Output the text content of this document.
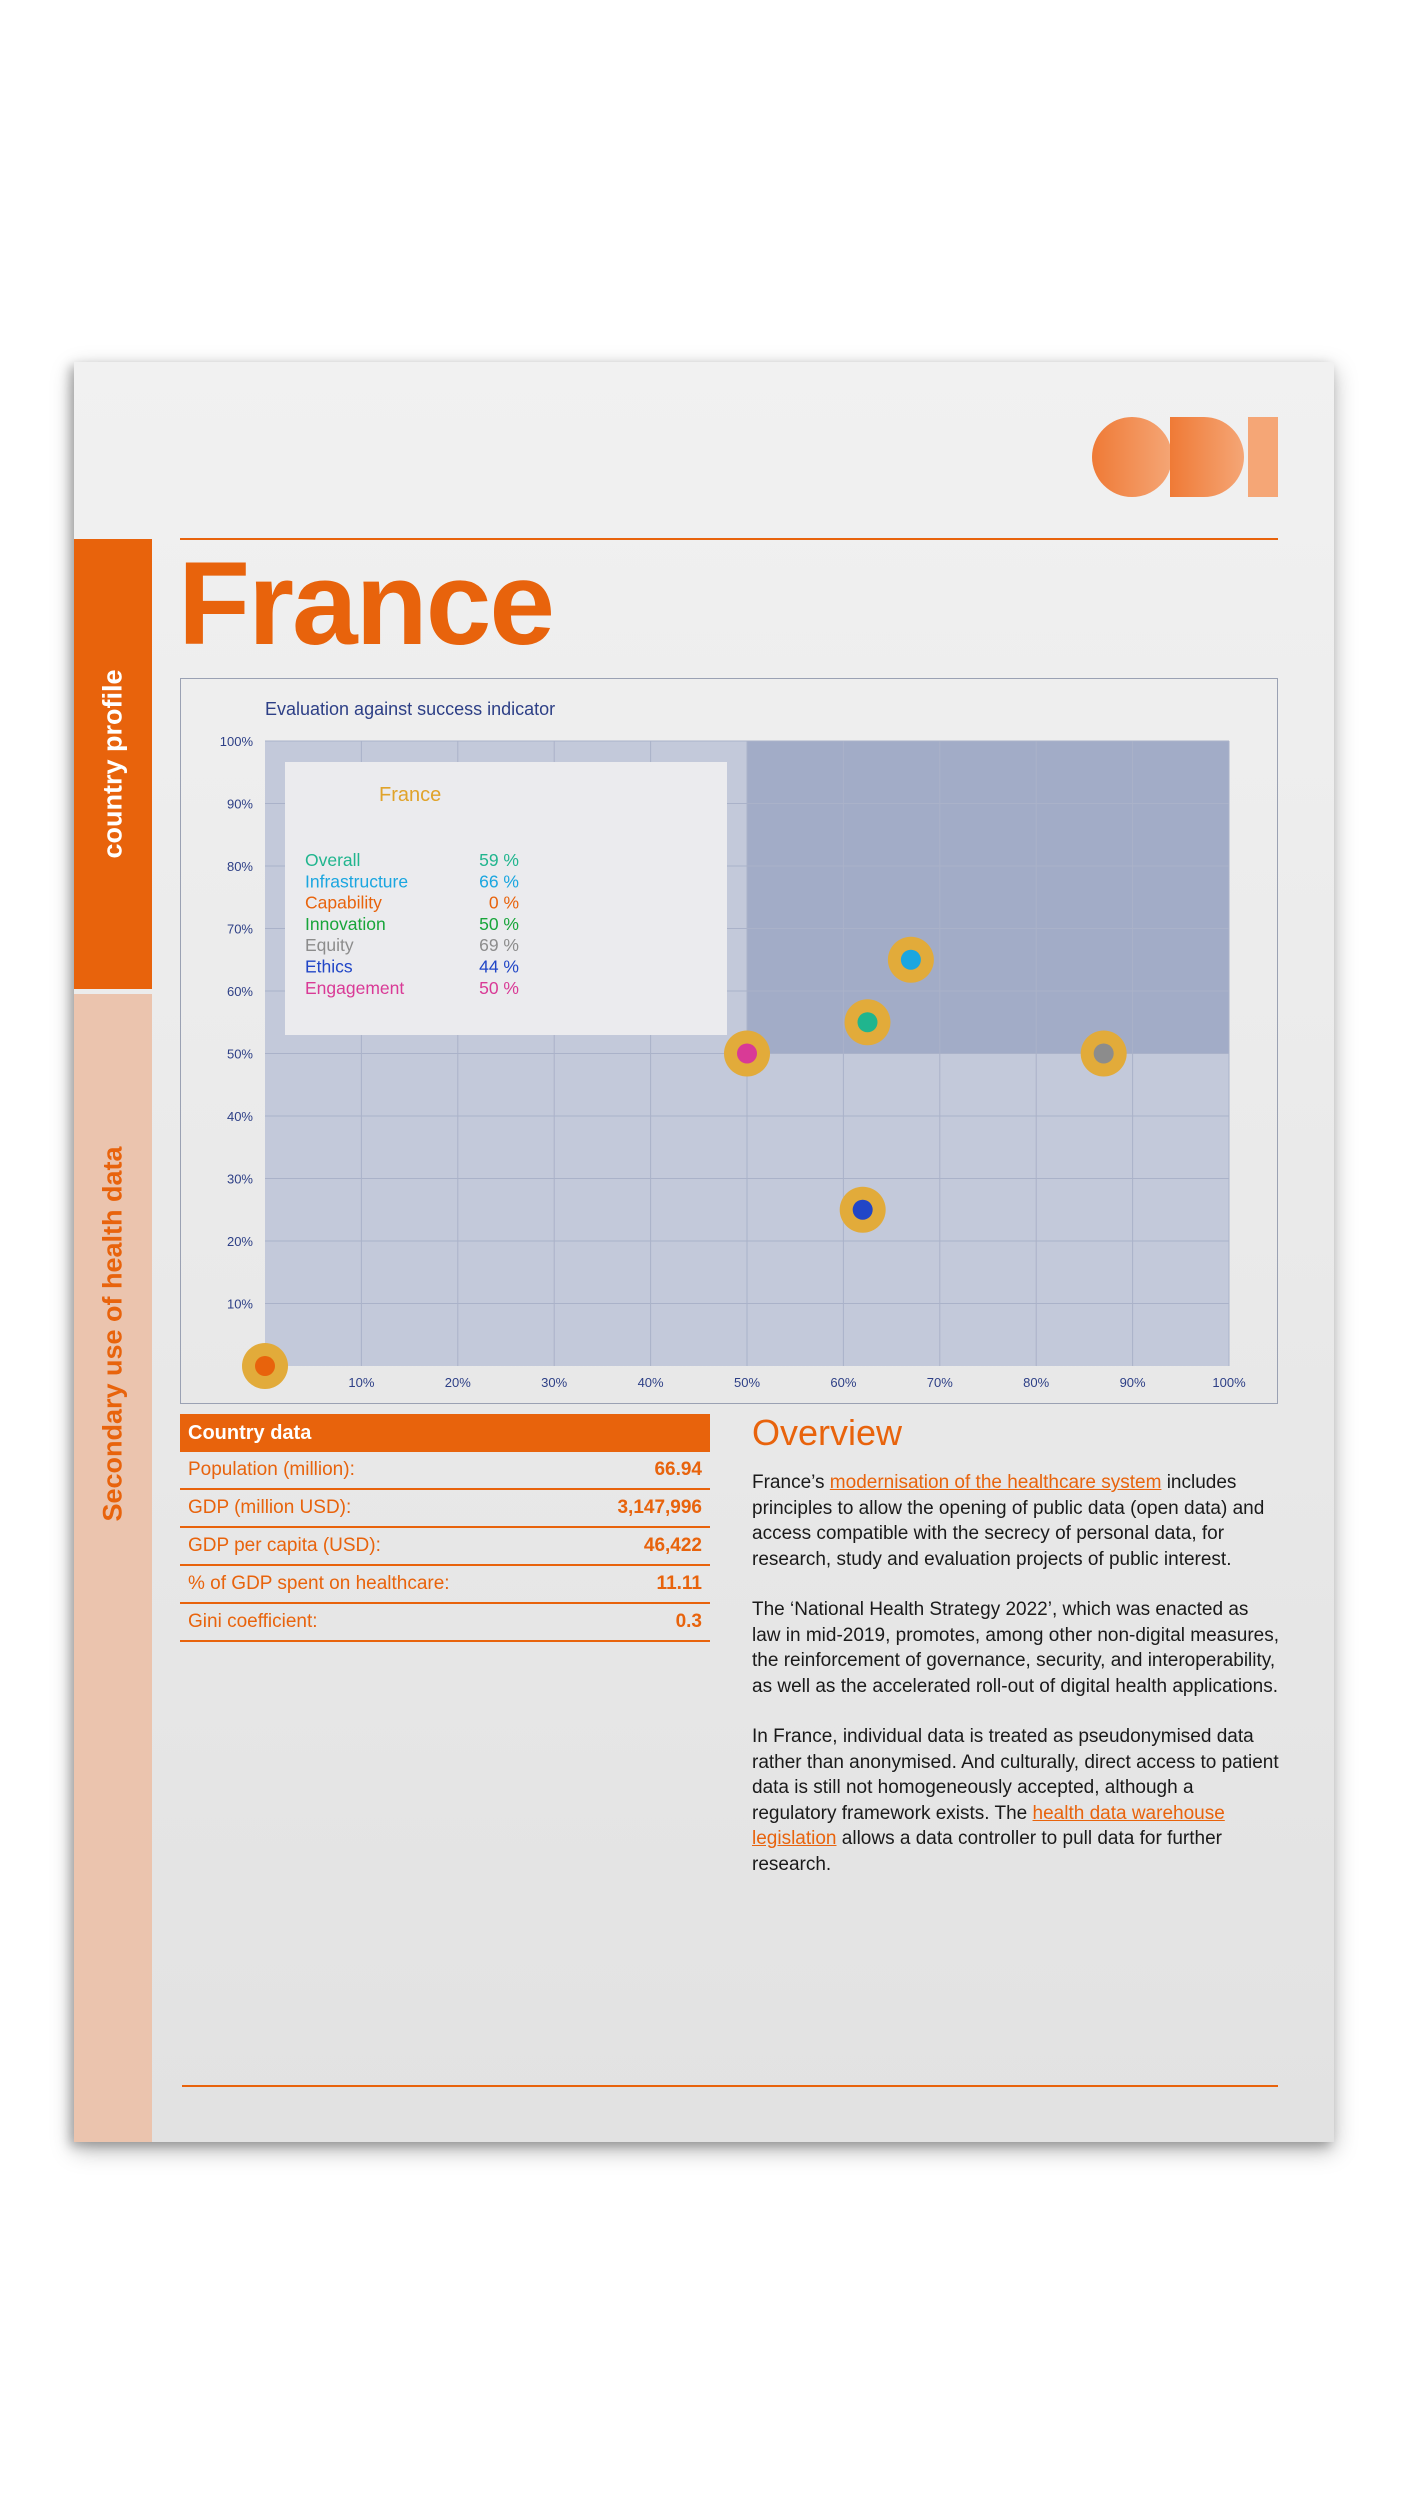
country profile
Secondary use of health data
France
Evaluation against success indicator
10%	20%	30%	40%	50%	60%	70%	80%	90%	100%
10%
20%
30%
40%
50%
60%
70%
80%
90%
100%
France
Overall	59 %
Infrastructure	66 %
Capability	0 %
Innovation	50 %
Equity	69 %
Ethics	44 %
Engagement	50 %
Country data
Population (million):	66.94
GDP (million USD):	3,147,996
GDP per capita (USD):	46,422
% of GDP spent on healthcare:	11.11
Gini coefficient:	0.3
Overview

France’s modernisation of the healthcare system includes principles to allow the opening of public data (open data) and access compatible with the secrecy of personal data, for research, study and evaluation projects of public interest.

The ‘National Health Strategy 2022’, which was enacted as law in mid-2019, promotes, among other non-digital measures, the reinforcement of governance, security, and interoperability, as well as the accelerated roll-out of digital health applications.

In France, individual data is treated as pseudonymised data rather than anonymised. And culturally, direct access to patient data is still not homogeneously accepted, although a regulatory framework exists. The health data warehouse legislation allows a data controller to pull data for further research.
